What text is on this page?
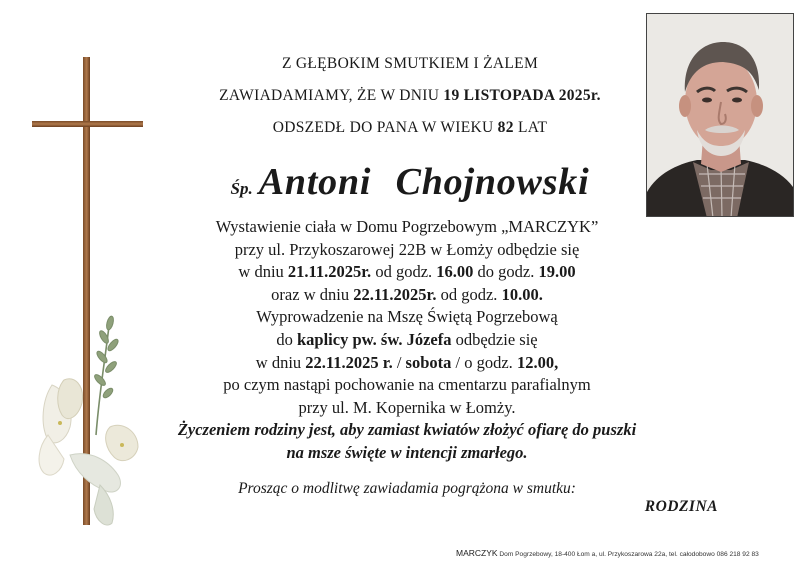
Z GŁĘBOKIM SMUTKIEM I ŻALEM
ZAWIADAMIAMY, ŻE W DNIU 19 LISTOPADA 2025r.
ODSZEDŁ DO PANA W WIEKU 82 LAT
Śp. Antoni Chojnowski
Wystawienie ciała w Domu Pogrzebowym „MARCZYK”
przy ul. Przykoszarowej 22B w Łomży odbędzie się
w dniu 21.11.2025r. od godz. 16.00 do godz. 19.00
oraz w dniu 22.11.2025r. od godz. 10.00.
Wyprowadzenie na Mszę Świętą Pogrzebową
do kaplicy pw. św. Józefa odbędzie się
w dniu 22.11.2025 r. / sobota / o godz. 12.00,
po czym nastąpi pochowanie na cmentarzu parafialnym
przy ul. M. Kopernika w Łomży.
Życzeniem rodziny jest, aby zamiast kwiatów złożyć ofiarę do puszki
na msze święte w intencji zmarłego.
Prosząc o modlitwę zawiadamia pogrążona w smutku:
RODZINA
MARCZYK Dom Pogrzebowy, 18-400 Łom a, ul. Przykoszarowa 22a, tel. całodobowo 086 218 92 83
